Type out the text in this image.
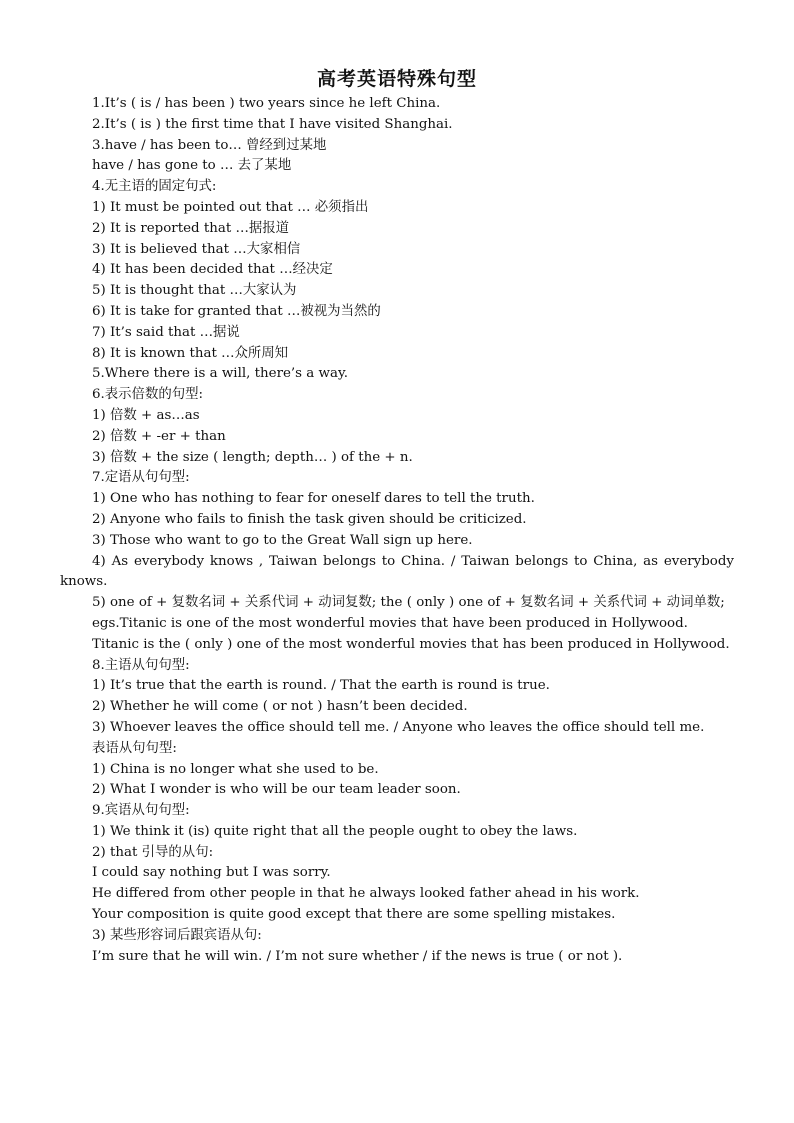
高考英语特殊句型
1.It’s ( is / has been ) two years since he left China.
2.It’s ( is ) the first time that I have visited Shanghai.
3.have / has been to… 曾经到过某地
have / has gone to … 去了某地
4.无主语的固定句式:
1) It must be pointed out that … 必须指出
2) It is reported that …据报道
3) It is believed that …大家相信
4) It has been decided that …经决定
5) It is thought that …大家认为
6) It is take for granted that …被视为当然的
7) It’s said that …据说
8) It is known that …众所周知
5.Where there is a will, there’s a way.
6.表示倍数的句型:
1) 倍数 + as…as
2) 倍数 + -er + than
3) 倍数 + the size ( length; depth… ) of the + n.
7.定语从句句型:
1) One who has nothing to fear for oneself dares to tell the truth.
2) Anyone who fails to finish the task given should be criticized.
3) Those who want to go to the Great Wall sign up here.
4) As everybody knows , Taiwan belongs to China. / Taiwan belongs to China, as everybody knows.
5) one of + 复数名词 + 关系代词 + 动词复数; the ( only ) one of + 复数名词 + 关系代词 + 动词单数;
egs.Titanic is one of the most wonderful movies that have been produced in Hollywood.
Titanic is the ( only ) one of the most wonderful movies that has been produced in Hollywood.
8.主语从句句型:
1) It’s true that the earth is round. / That the earth is round is true.
2) Whether he will come ( or not ) hasn’t been decided.
3) Whoever leaves the office should tell me. / Anyone who leaves the office should tell me.
表语从句句型:
1) China is no longer what she used to be.
2) What I wonder is who will be our team leader soon.
9.宾语从句句型:
1) We think it (is) quite right that all the people ought to obey the laws.
2) that 引导的从句:
I could say nothing but I was sorry.
He differed from other people in that he always looked father ahead in his work.
Your composition is quite good except that there are some spelling mistakes.
3) 某些形容词后跟宾语从句:
I’m sure that he will win. / I’m not sure whether / if the news is true ( or not ).
